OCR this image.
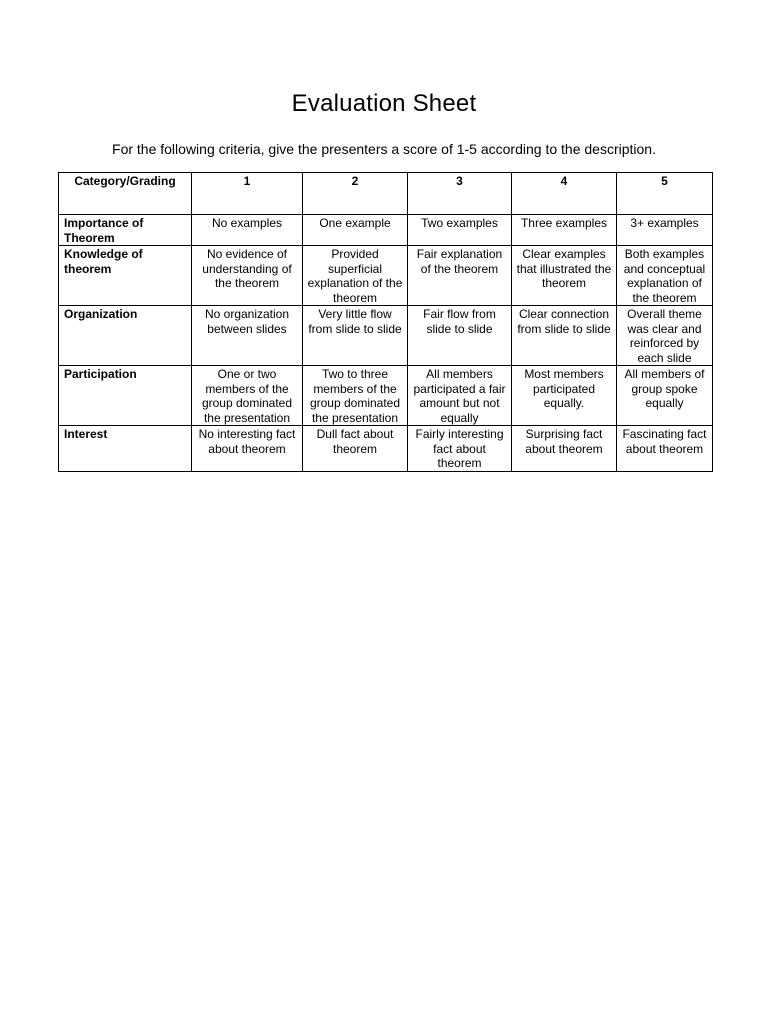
Evaluation Sheet

For the following criteria, give the presenters a score of 1-5 according to the description.

Category/Grading	1	2	3	4	5
Importance of Theorem	No examples	One example	Two examples	Three examples	3+ examples
Knowledge of theorem	No evidence of understanding of the theorem	Provided superficial explanation of the theorem	Fair explanation of the theorem	Clear examples that illustrated the theorem	Both examples and conceptual explanation of the theorem
Organization	No organization between slides	Very little flow from slide to slide	Fair flow from slide to slide	Clear connection from slide to slide	Overall theme was clear and reinforced by each slide
Participation	One or two members of the group dominated the presentation	Two to three members of the group dominated the presentation	All members participated a fair amount but not equally	Most members participated equally.	All members of group spoke equally
Interest	No interesting fact about theorem	Dull fact about theorem	Fairly interesting fact about theorem	Surprising fact about theorem	Fascinating fact about theorem
